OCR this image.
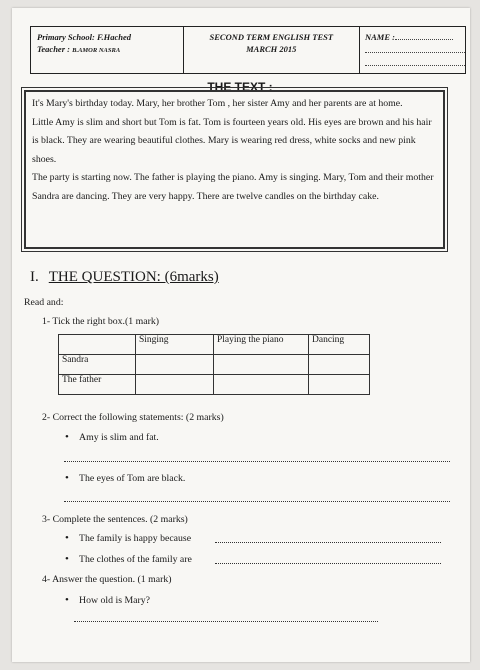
Primary School: F.Hached
Teacher : B.AMOR NASRA
SECOND TERM ENGLISH TEST
MARCH 2015
NAME :
THE TEXT :

It's Mary's birthday today. Mary, her brother Tom , her sister Amy and her parents are at home.

Little Amy is slim and short but Tom is fat. Tom is fourteen years old. His eyes are brown and his hair is black. They are wearing beautiful clothes. Mary is wearing red dress, white socks and new pink shoes.

The party is starting now. The father is playing the piano. Amy is singing. Mary, Tom and their mother Sandra are dancing. They are very happy. There are twelve candles on the birthday cake.

I. THE QUESTION: (6marks)
Read and:
1- Tick the right box.(1 mark)
	Singing	Playing the piano	Dancing
Sandra			
The father			
2- Correct the following statements: (2 marks)
• Amy is slim and fat.
• The eyes of Tom are black.
3- Complete the sentences. (2 marks)
• The family is happy because
• The clothes of the family are
4- Answer the question. (1 mark)
• How old is Mary?
